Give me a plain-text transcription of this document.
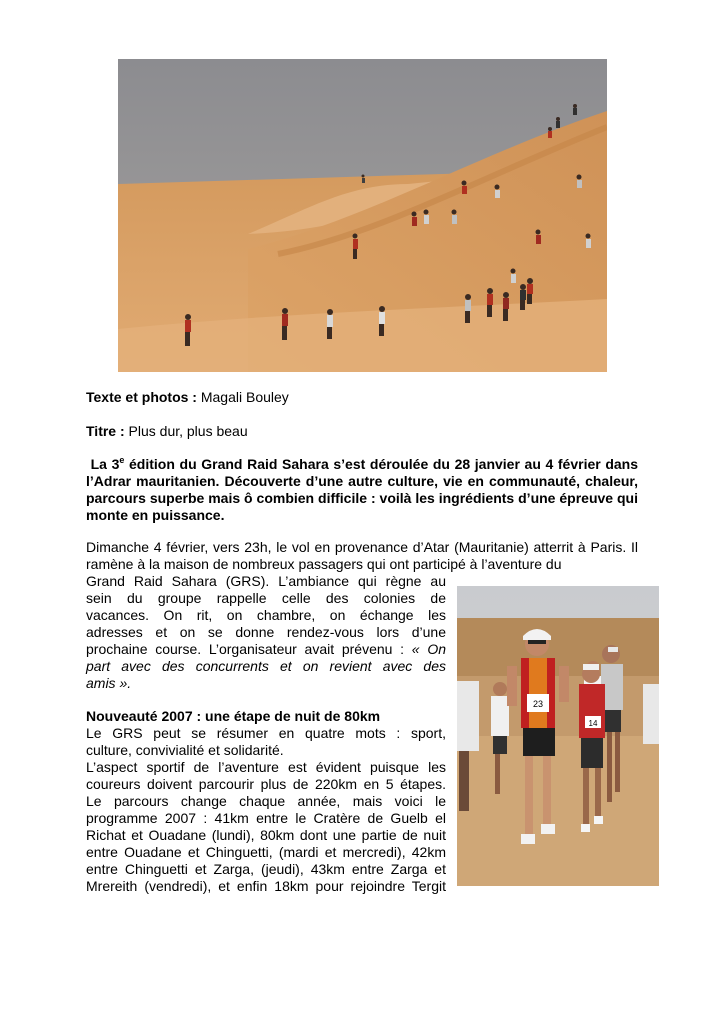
Texte et photos : Magali Bouley
Titre : Plus dur, plus beau
La 3e édition du Grand Raid Sahara s’est déroulée du 28 janvier au 4 février dans l’Adrar mauritanien. Découverte d’une autre culture, vie en communauté, chaleur, parcours superbe mais ô combien difficile : voilà les ingrédients d’une épreuve qui monte en puissance.
Dimanche 4 février, vers 23h, le vol en provenance d’Atar (Mauritanie) atterrit à Paris. Il ramène à la maison de nombreux passagers qui ont participé à l’aventure du
Grand Raid Sahara (GRS). L’ambiance qui règne au
sein du groupe rappelle celle des colonies de
vacances. On rit, on chambre, on échange les
adresses et on se donne rendez-vous lors d’une
prochaine course. L’organisateur avait prévenu : « On
part avec des concurrents et on revient avec des
amis ».
Nouveauté 2007 : une étape de nuit de 80km
Le GRS peut se résumer en quatre mots : sport,
culture, convivialité et solidarité.
L’aspect sportif de l’aventure est évident puisque les
coureurs doivent parcourir plus de 220km en 5 étapes.
Le parcours change chaque année, mais voici le
programme 2007 : 41km entre le Cratère de Guelb el
Richat et Ouadane (lundi), 80km dont une partie de nuit
entre Ouadane et Chinguetti, (mardi et mercredi), 42km
entre Chinguetti et Zarga, (jeudi), 43km entre Zarga et
Mrereith (vendredi), et enfin 18km pour rejoindre Tergit
14
23
